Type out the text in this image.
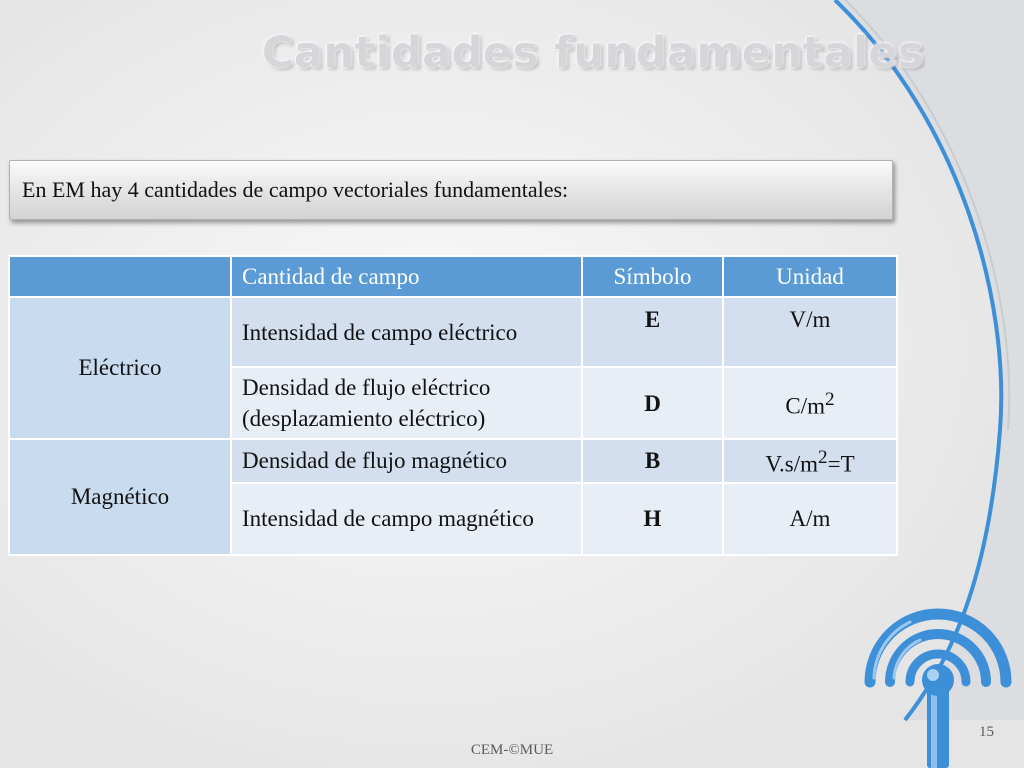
Cantidades fundamentales
En EM hay 4 cantidades de campo vectoriales fundamentales:
	Cantidad de campo	Símbolo	Unidad
Eléctrico	Intensidad de campo eléctrico	E	V/m
	Densidad de flujo eléctrico (desplazamiento eléctrico)	D	$C/m^2$
Magnético	Densidad de flujo magnético	B	$V.s/m^2=T$
	Intensidad de campo magnético	H	A/m
15
CEM-©MUE
